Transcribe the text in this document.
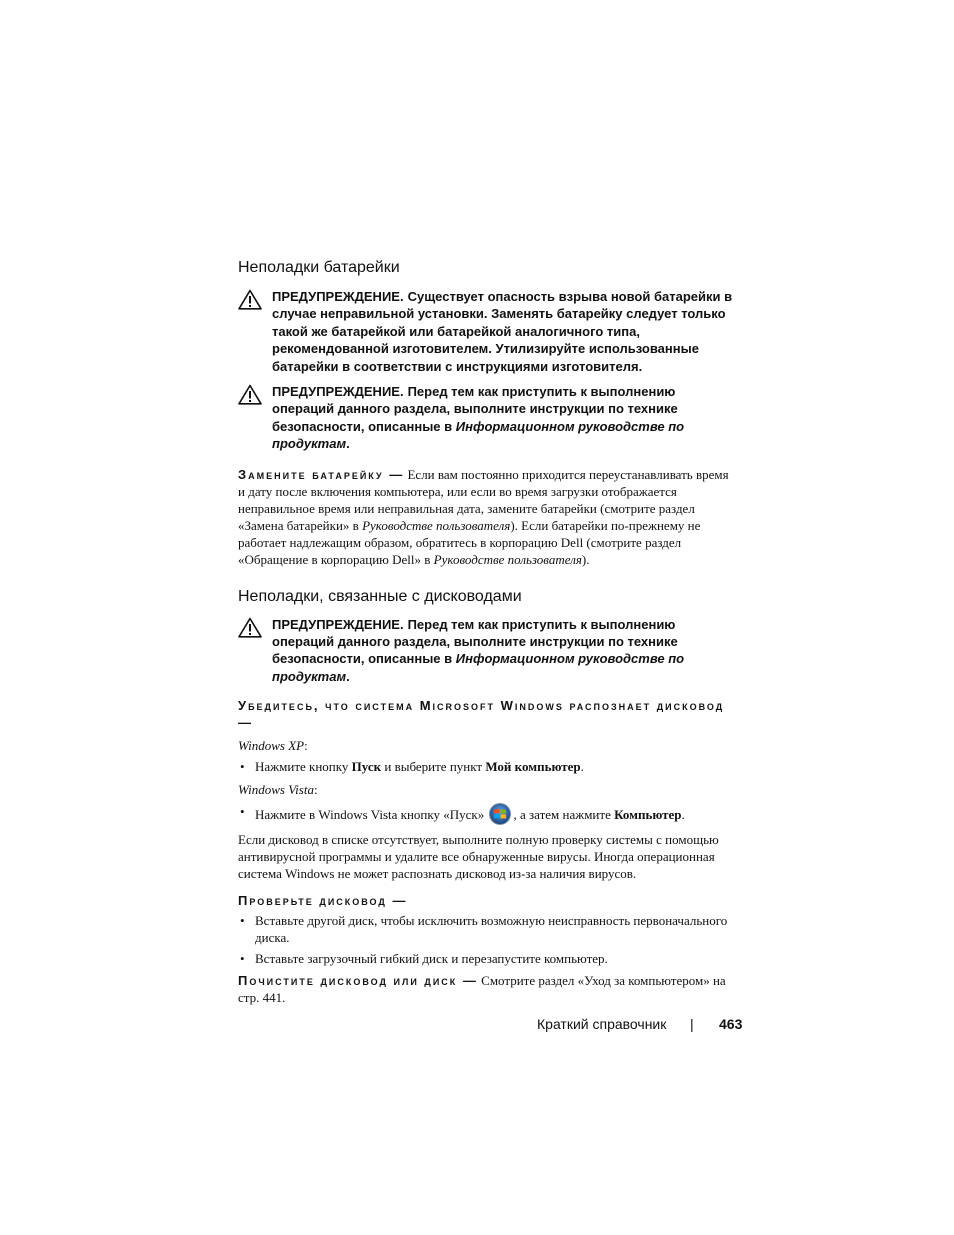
Неполадки батарейки
ПРЕДУПРЕЖДЕНИЕ. Существует опасность взрыва новой батарейки в случае неправильной установки. Заменять батарейку следует только такой же батарейкой или батарейкой аналогичного типа, рекомендованной изготовителем. Утилизируйте использованные батарейки в соответствии с инструкциями изготовителя.
ПРЕДУПРЕЖДЕНИЕ. Перед тем как приступить к выполнению операций данного раздела, выполните инструкции по технике безопасности, описанные в Информационном руководстве по продуктам.
Замените батарейку — Если вам постоянно приходится переустанавливать время и дату после включения компьютера, или если во время загрузки отображается неправильное время или неправильная дата, замените батарейки (смотрите раздел «Замена батарейки» в Руководстве пользователя). Если батарейки по-прежнему не работает надлежащим образом, обратитесь в корпорацию Dell (смотрите раздел «Обращение в корпорацию Dell» в Руководстве пользователя).
Неполадки, связанные с дисководами
ПРЕДУПРЕЖДЕНИЕ. Перед тем как приступить к выполнению операций данного раздела, выполните инструкции по технике безопасности, описанные в Информационном руководстве по продуктам.
Убедитесь, что система Microsoft Windows распознает дисковод —
Windows XP:
• Нажмите кнопку Пуск и выберите пункт Мой компьютер.
Windows Vista:
• Нажмите в Windows Vista кнопку «Пуск» , а затем нажмите Компьютер.
Если дисковод в списке отсутствует, выполните полную проверку системы с помощью антивирусной программы и удалите все обнаруженные вирусы. Иногда операционная система Windows не может распознать дисковод из-за наличия вирусов.
Проверьте дисковод —
• Вставьте другой диск, чтобы исключить возможную неисправность первоначального диска.
• Вставьте загрузочный гибкий диск и перезапустите компьютер.
Почистите дисковод или диск — Смотрите раздел «Уход за компьютером» на стр. 441.
Краткий справочник | 463
